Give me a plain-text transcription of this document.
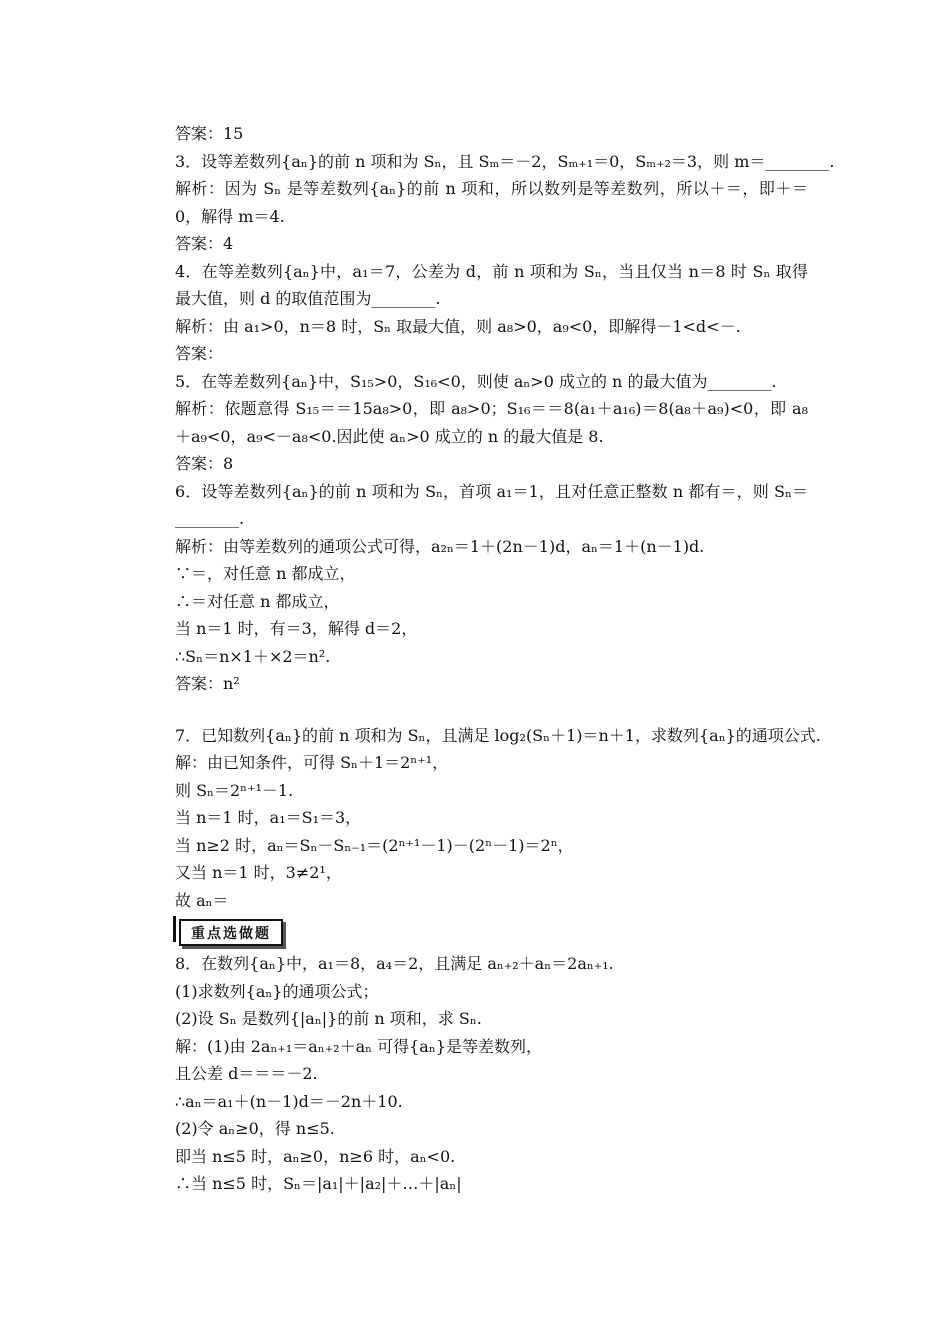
答案：15
3．设等差数列{aₙ}的前 n 项和为 Sₙ，且 Sₘ＝－2，Sₘ₊₁＝0，Sₘ₊₂＝3，则 m＝________.
解析：因为 Sₙ 是等差数列{aₙ}的前 n 项和，所以数列是等差数列，所以＋＝，即＋＝0，解得 m＝4.
答案：4
4．在等差数列{aₙ}中，a₁＝7，公差为 d，前 n 项和为 Sₙ，当且仅当 n＝8 时 Sₙ 取得最大值，则 d 的取值范围为________.
解析：由 a₁>0，n＝8 时，Sₙ 取最大值，则 a₈>0，a₉<0，即解得－1<d<－.
答案：
5．在等差数列{aₙ}中，S₁₅>0，S₁₆<0，则使 aₙ>0 成立的 n 的最大值为________.
解析：依题意得 S₁₅＝＝15a₈>0，即 a₈>0；S₁₆＝＝8(a₁＋a₁₆)＝8(a₈＋a₉)<0，即 a₈＋a₉<0，a₉<－a₈<0.因此使 aₙ>0 成立的 n 的最大值是 8.
答案：8
6．设等差数列{aₙ}的前 n 项和为 Sₙ，首项 a₁＝1，且对任意正整数 n 都有＝，则 Sₙ＝________.
解析：由等差数列的通项公式可得，a₂ₙ＝1＋(2n－1)d，aₙ＝1＋(n－1)d.
∵＝，对任意 n 都成立，
∴＝对任意 n 都成立，
当 n＝1 时，有＝3，解得 d＝2，
∴Sₙ＝n×1＋×2＝n².
答案：n²
7．已知数列{aₙ}的前 n 项和为 Sₙ，且满足 log₂(Sₙ＋1)＝n＋1，求数列{aₙ}的通项公式.
解：由已知条件，可得 Sₙ＋1＝2ⁿ⁺¹，
则 Sₙ＝2ⁿ⁺¹－1.
当 n＝1 时，a₁＝S₁＝3，
当 n≥2 时，aₙ＝Sₙ－Sₙ₋₁＝(2ⁿ⁺¹－1)－(2ⁿ－1)＝2ⁿ，
又当 n＝1 时，3≠2¹，
故 aₙ＝
重点选做题
8．在数列{aₙ}中，a₁＝8，a₄＝2，且满足 aₙ₊₂＋aₙ＝2aₙ₊₁.
(1)求数列{aₙ}的通项公式；
(2)设 Sₙ 是数列{|aₙ|}的前 n 项和，求 Sₙ.
解：(1)由 2aₙ₊₁＝aₙ₊₂＋aₙ 可得{aₙ}是等差数列，
且公差 d＝＝＝－2.
∴aₙ＝a₁＋(n－1)d＝－2n＋10.
(2)令 aₙ≥0，得 n≤5.
即当 n≤5 时，aₙ≥0，n≥6 时，aₙ<0.
∴当 n≤5 时，Sₙ＝|a₁|＋|a₂|＋…＋|aₙ|
